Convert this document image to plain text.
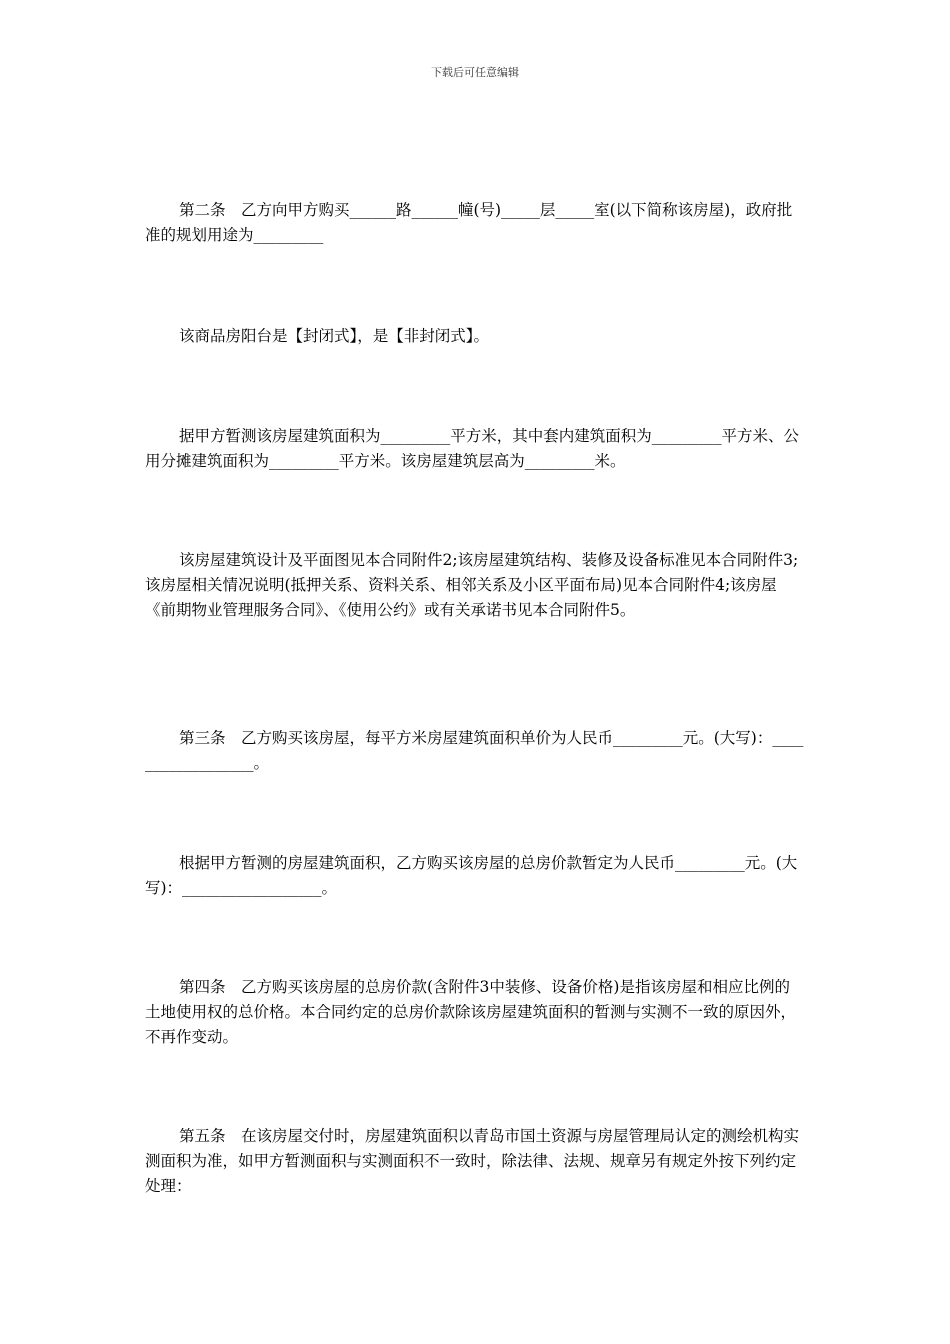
下载后可任意编辑

第二条　乙方向甲方购买______路______幢(号)_____层_____室(以下简称该房屋)，政府批准的规划用途为_________

该商品房阳台是【封闭式】，是【非封闭式】。

据甲方暂测该房屋建筑面积为_________平方米，其中套内建筑面积为_________平方米、公用分摊建筑面积为_________平方米。该房屋建筑层高为_________米。

该房屋建筑设计及平面图见本合同附件2;该房屋建筑结构、装修及设备标准见本合同附件3;该房屋相关情况说明(抵押关系、资料关系、相邻关系及小区平面布局)见本合同附件4;该房屋《前期物业管理服务合同》、《使用公约》或有关承诺书见本合同附件5。

第三条　乙方购买该房屋，每平方米房屋建筑面积单价为人民币_________元。(大写)：__________________。

根据甲方暂测的房屋建筑面积，乙方购买该房屋的总房价款暂定为人民币_________元。(大写)：__________________。

第四条　乙方购买该房屋的总房价款(含附件3中装修、设备价格)是指该房屋和相应比例的土地使用权的总价格。本合同约定的总房价款除该房屋建筑面积的暂测与实测不一致的原因外，不再作变动。

第五条　在该房屋交付时，房屋建筑面积以青岛市国土资源与房屋管理局认定的测绘机构实测面积为准，如甲方暂测面积与实测面积不一致时，除法律、法规、规章另有规定外按下列约定处理：
